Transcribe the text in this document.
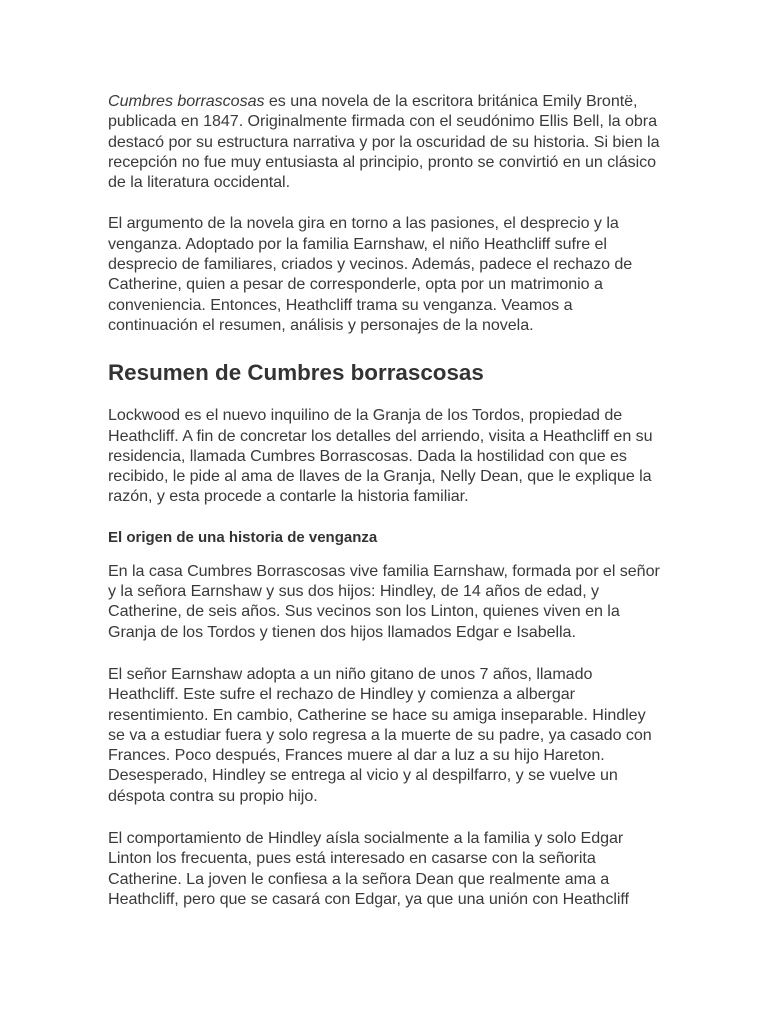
Cumbres borrascosas es una novela de la escritora británica Emily Brontë, publicada en 1847. Originalmente firmada con el seudónimo Ellis Bell, la obra destacó por su estructura narrativa y por la oscuridad de su historia. Si bien la recepción no fue muy entusiasta al principio, pronto se convirtió en un clásico de la literatura occidental.

El argumento de la novela gira en torno a las pasiones, el desprecio y la venganza. Adoptado por la familia Earnshaw, el niño Heathcliff sufre el desprecio de familiares, criados y vecinos. Además, padece el rechazo de Catherine, quien a pesar de corresponderle, opta por un matrimonio a conveniencia. Entonces, Heathcliff trama su venganza. Veamos a continuación el resumen, análisis y personajes de la novela.

Resumen de Cumbres borrascosas

Lockwood es el nuevo inquilino de la Granja de los Tordos, propiedad de Heathcliff. A fin de concretar los detalles del arriendo, visita a Heathcliff en su residencia, llamada Cumbres Borrascosas. Dada la hostilidad con que es recibido, le pide al ama de llaves de la Granja, Nelly Dean, que le explique la razón, y esta procede a contarle la historia familiar.

El origen de una historia de venganza

En la casa Cumbres Borrascosas vive familia Earnshaw, formada por el señor y la señora Earnshaw y sus dos hijos: Hindley, de 14 años de edad, y Catherine, de seis años. Sus vecinos son los Linton, quienes viven en la Granja de los Tordos y tienen dos hijos llamados Edgar e Isabella.

El señor Earnshaw adopta a un niño gitano de unos 7 años, llamado Heathcliff. Este sufre el rechazo de Hindley y comienza a albergar resentimiento. En cambio, Catherine se hace su amiga inseparable. Hindley se va a estudiar fuera y solo regresa a la muerte de su padre, ya casado con Frances. Poco después, Frances muere al dar a luz a su hijo Hareton. Desesperado, Hindley se entrega al vicio y al despilfarro, y se vuelve un déspota contra su propio hijo.

El comportamiento de Hindley aísla socialmente a la familia y solo Edgar Linton los frecuenta, pues está interesado en casarse con la señorita Catherine. La joven le confiesa a la señora Dean que realmente ama a Heathcliff, pero que se casará con Edgar, ya que una unión con Heathcliff
